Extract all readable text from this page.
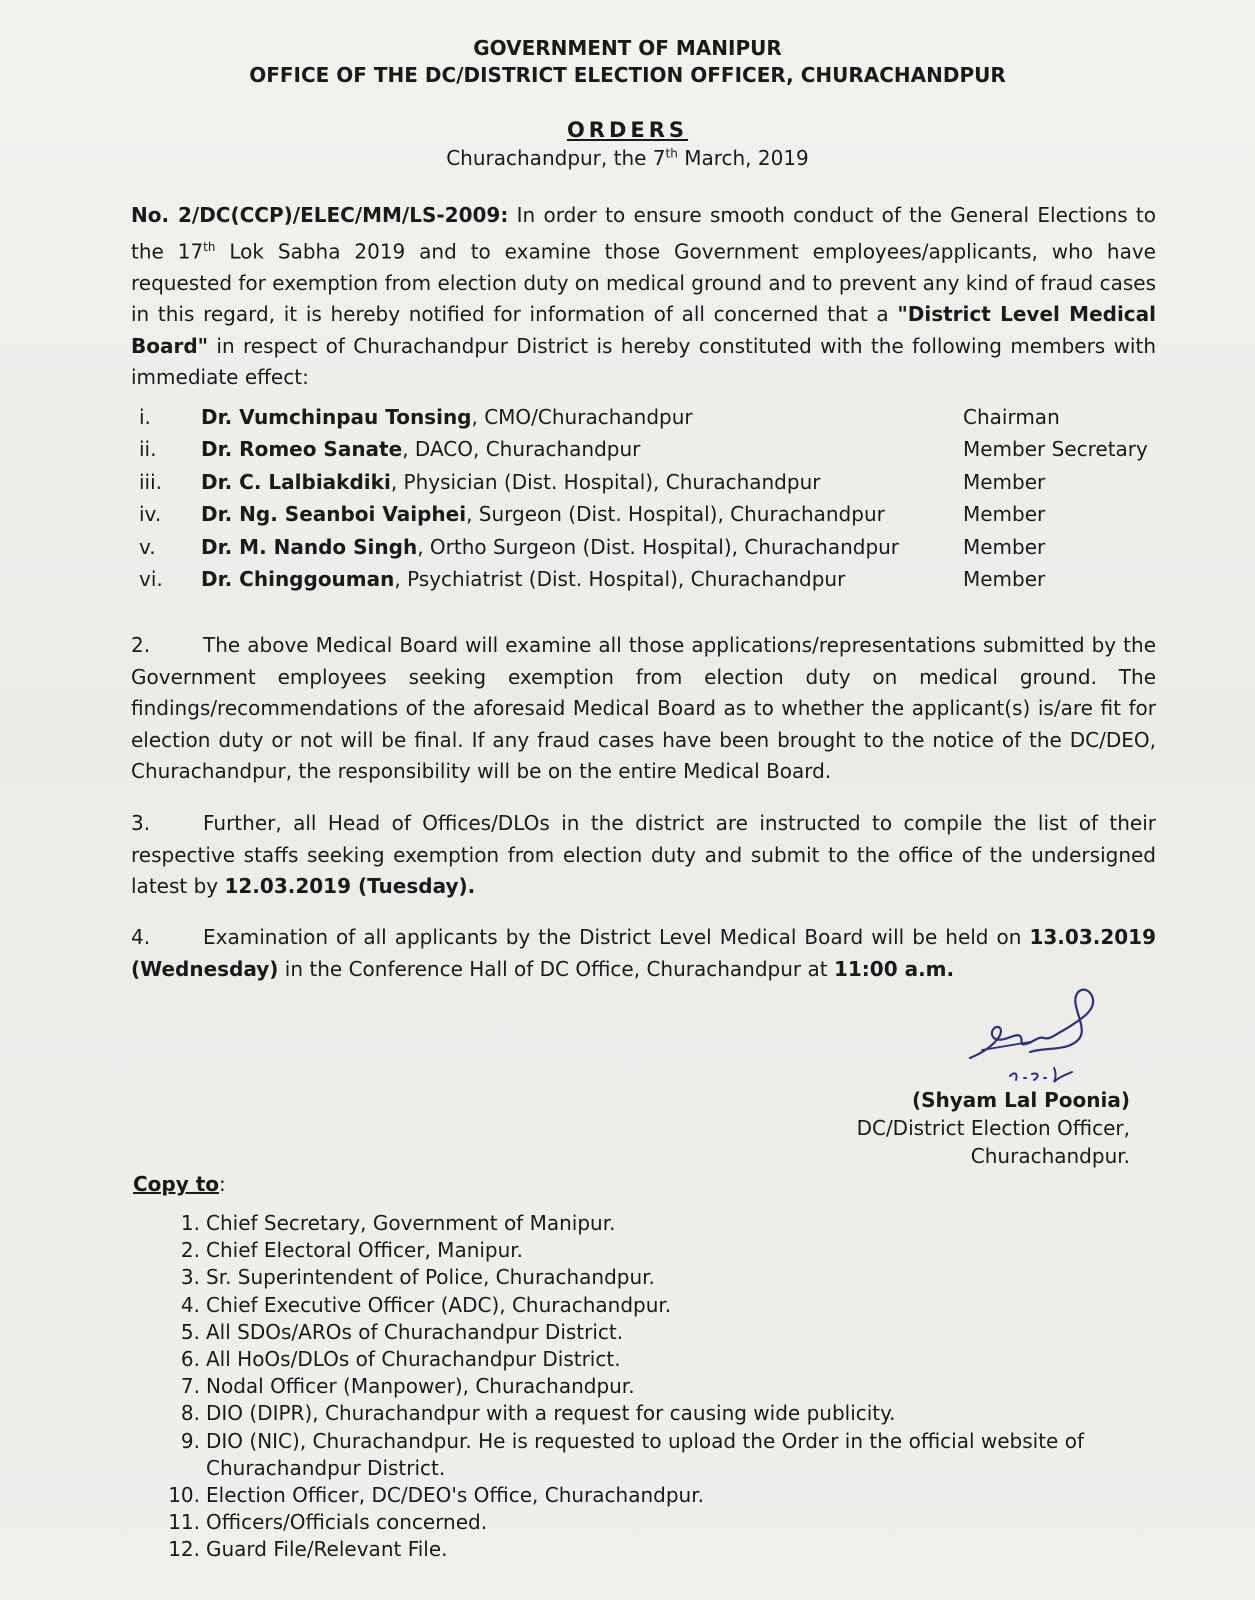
GOVERNMENT OF MANIPUR
OFFICE OF THE DC/DISTRICT ELECTION OFFICER, CHURACHANDPUR
ORDERS
Churachandpur, the 7th March, 2019
No. 2/DC(CCP)/ELEC/MM/LS-2009: In order to ensure smooth conduct of the General Elections to the 17th Lok Sabha 2019 and to examine those Government employees/applicants, who have requested for exemption from election duty on medical ground and to prevent any kind of fraud cases in this regard, it is hereby notified for information of all concerned that a "District Level Medical Board" in respect of Churachandpur District is hereby constituted with the following members with immediate effect:
i.	Dr. Vumchinpau Tonsing, CMO/Churachandpur	Chairman
ii.	Dr. Romeo Sanate, DACO, Churachandpur	Member Secretary
iii.	Dr. C. Lalbiakdiki, Physician (Dist. Hospital), Churachandpur	Member
iv.	Dr. Ng. Seanboi Vaiphei, Surgeon (Dist. Hospital), Churachandpur	Member
v.	Dr. M. Nando Singh, Ortho Surgeon (Dist. Hospital), Churachandpur	Member
vi.	Dr. Chinggouman, Psychiatrist (Dist. Hospital), Churachandpur	Member
2.	The above Medical Board will examine all those applications/representations submitted by the Government employees seeking exemption from election duty on medical ground. The findings/recommendations of the aforesaid Medical Board as to whether the applicant(s) is/are fit for election duty or not will be final. If any fraud cases have been brought to the notice of the DC/DEO, Churachandpur, the responsibility will be on the entire Medical Board.
3.	Further, all Head of Offices/DLOs in the district are instructed to compile the list of their respective staffs seeking exemption from election duty and submit to the office of the undersigned latest by 12.03.2019 (Tuesday).
4.	Examination of all applicants by the District Level Medical Board will be held on 13.03.2019 (Wednesday) in the Conference Hall of DC Office, Churachandpur at 11:00 a.m.
(Shyam Lal Poonia)
DC/District Election Officer,
Churachandpur.
Copy to:
1. Chief Secretary, Government of Manipur.
2. Chief Electoral Officer, Manipur.
3. Sr. Superintendent of Police, Churachandpur.
4. Chief Executive Officer (ADC), Churachandpur.
5. All SDOs/AROs of Churachandpur District.
6. All HoOs/DLOs of Churachandpur District.
7. Nodal Officer (Manpower), Churachandpur.
8. DIO (DIPR), Churachandpur with a request for causing wide publicity.
9. DIO (NIC), Churachandpur. He is requested to upload the Order in the official website of Churachandpur District.
10. Election Officer, DC/DEO's Office, Churachandpur.
11. Officers/Officials concerned.
12. Guard File/Relevant File.
